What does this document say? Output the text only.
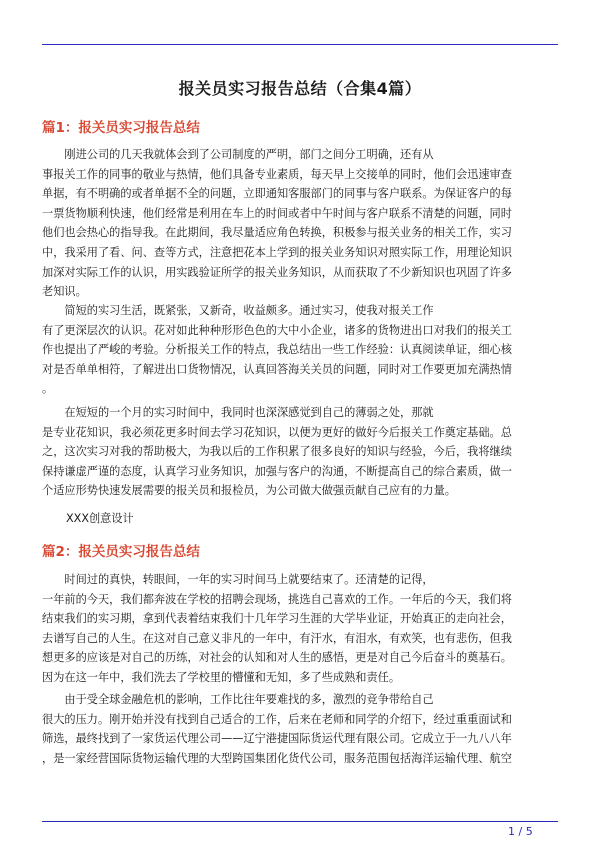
报关员实习报告总结（合集4篇）
篇1：报关员实习报告总结
　　刚进公司的几天我就体会到了公司制度的严明，部门之间分工明确，还有从
事报关工作的同事的敬业与热情，他们具备专业素质，每天早上交接单的同时，他们会迅速审查
单据，有不明确的或者单据不全的问题，立即通知客服部门的同事与客户联系。为保证客户的每
一票货物顺利快速，他们经常是利用在车上的时间或者中午时间与客户联系不清楚的问题，同时
他们也会热心的指导我。在此期间，我尽量适应角色转换，积极参与报关业务的相关工作，实习
中，我采用了看、问、查等方式，注意把花本上学到的报关业务知识对照实际工作，用理论知识
加深对实际工作的认识，用实践验证所学的报关业务知识，从而获取了不少新知识也巩固了许多
老知识。
　　简短的实习生活，既紧张，又新奇，收益颇多。通过实习，使我对报关工作
有了更深层次的认识。花对如此种种形形色色的大中小企业，诸多的货物进出口对我们的报关工
作也提出了严峻的考验。分析报关工作的特点，我总结出一些工作经验：认真阅读单证，细心核
对是否单单相符，了解进出口货物情况，认真回答海关关员的问题，同时对工作要更加充满热情
。
　　在短短的一个月的实习时间中，我同时也深深感觉到自己的薄弱之处，那就
是专业花知识，我必须花更多时间去学习花知识，以便为更好的做好今后报关工作奠定基础。总
之，这次实习对我的帮助极大，为我以后的工作积累了很多良好的知识与经验，今后，我将继续
保持谦虚严谨的态度，认真学习业务知识，加强与客户的沟通，不断提高自己的综合素质，做一
个适应形势快速发展需要的报关员和报检员，为公司做大做强贡献自己应有的力量。
XXX创意设计
篇2：报关员实习报告总结
　　时间过的真快，转眼间，一年的实习时间马上就要结束了。还清楚的记得，
一年前的今天，我们都奔波在学校的招聘会现场，挑选自己喜欢的工作。一年后的今天，我们将
结束我们的实习期，拿到代表着结束我们十几年学习生涯的大学毕业证，开始真正的走向社会，
去谱写自己的人生。在这对自己意义非凡的一年中，有汗水，有泪水，有欢笑，也有悲伤，但我
想更多的应该是对自己的历练，对社会的认知和对人生的感悟，更是对自己今后奋斗的奠基石。
因为在这一年中，我们洗去了学校里的懵懂和无知，多了些成熟和责任。
　　由于受全球金融危机的影响，工作比往年要难找的多，激烈的竞争带给自己
很大的压力。刚开始并没有找到自己适合的工作，后来在老师和同学的介绍下，经过重重面试和
筛选，最终找到了一家货运代理公司——辽宁港捷国际货运代理有限公司。它成立于一九八八年
，是一家经营国际货物运输代理的大型跨国集团化货代公司，服务范围包括海洋运输代理、航空
1 / 5
